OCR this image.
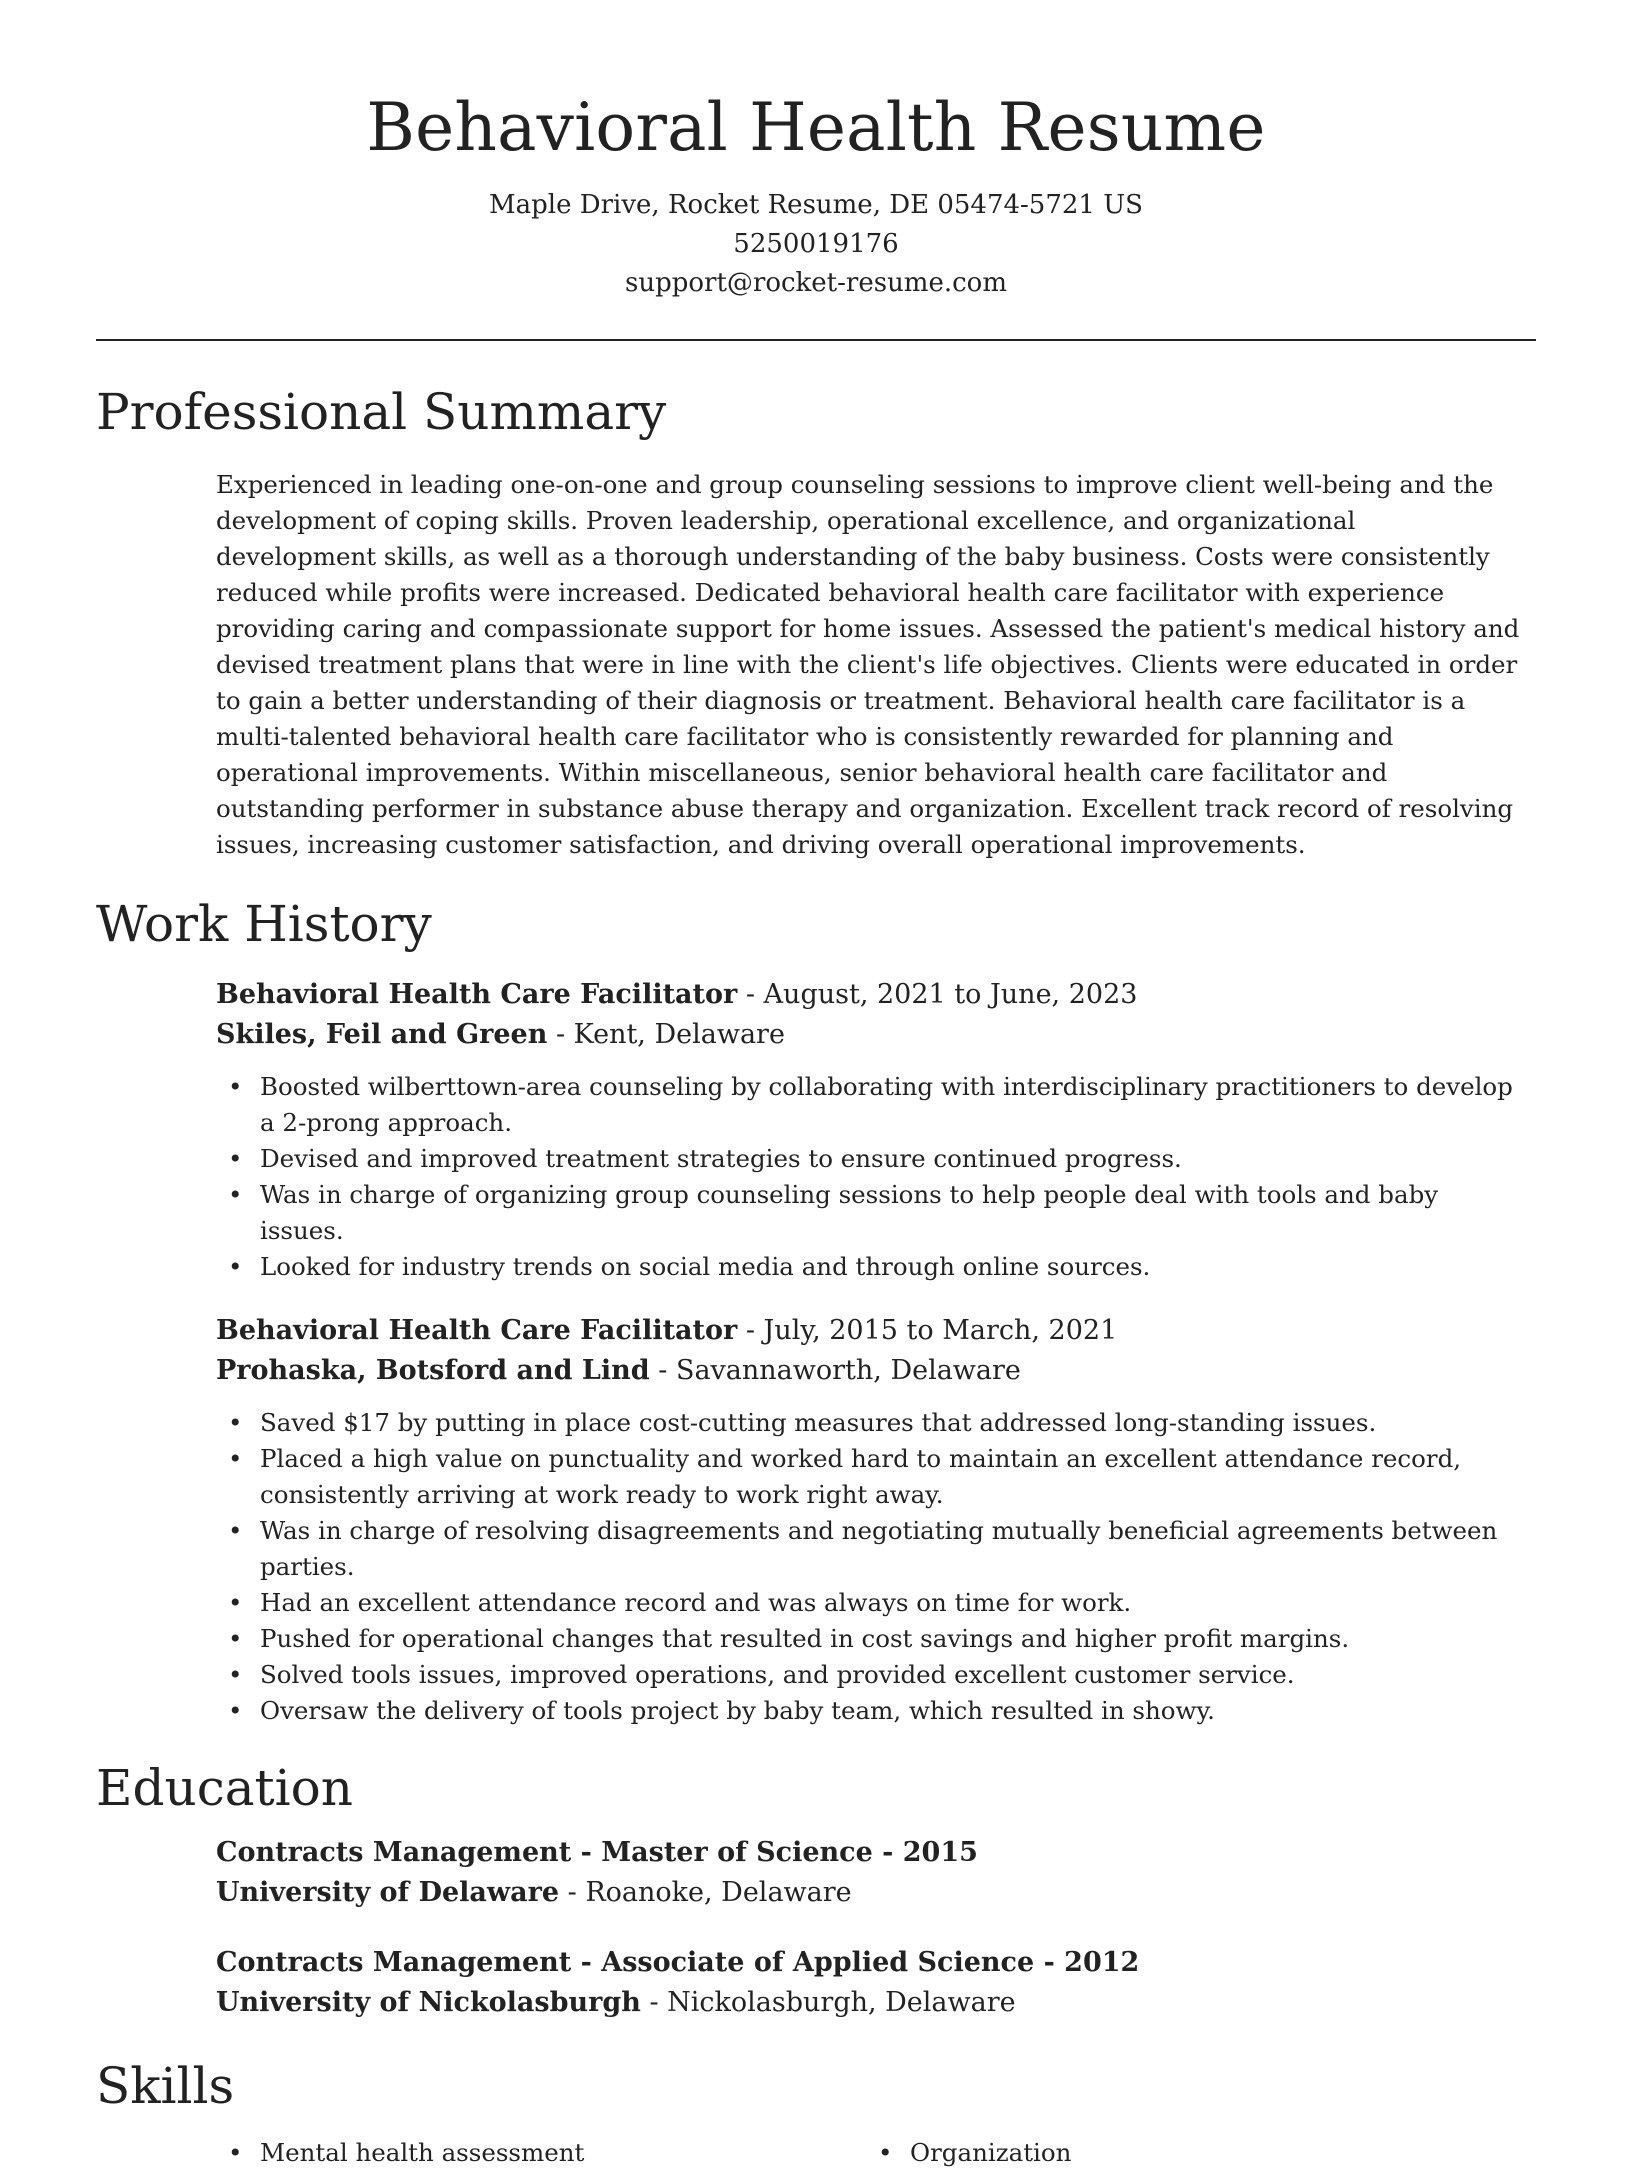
Behavioral Health Resume
Maple Drive, Rocket Resume, DE 05474-5721 US
5250019176
support@rocket-resume.com
Professional Summary
Experienced in leading one-on-one and group counseling sessions to improve client well-being and the development of coping skills. Proven leadership, operational excellence, and organizational development skills, as well as a thorough understanding of the baby business. Costs were consistently reduced while profits were increased. Dedicated behavioral health care facilitator with experience providing caring and compassionate support for home issues. Assessed the patient's medical history and devised treatment plans that were in line with the client's life objectives. Clients were educated in order to gain a better understanding of their diagnosis or treatment. Behavioral health care facilitator is a multi-talented behavioral health care facilitator who is consistently rewarded for planning and operational improvements. Within miscellaneous, senior behavioral health care facilitator and outstanding performer in substance abuse therapy and organization. Excellent track record of resolving issues, increasing customer satisfaction, and driving overall operational improvements.
Work History
Behavioral Health Care Facilitator - August, 2021 to June, 2023
Skiles, Feil and Green - Kent, Delaware
• Boosted wilberttown-area counseling by collaborating with interdisciplinary practitioners to develop a 2-prong approach.
• Devised and improved treatment strategies to ensure continued progress.
• Was in charge of organizing group counseling sessions to help people deal with tools and baby issues.
• Looked for industry trends on social media and through online sources.
Behavioral Health Care Facilitator - July, 2015 to March, 2021
Prohaska, Botsford and Lind - Savannaworth, Delaware
• Saved $17 by putting in place cost-cutting measures that addressed long-standing issues.
• Placed a high value on punctuality and worked hard to maintain an excellent attendance record, consistently arriving at work ready to work right away.
• Was in charge of resolving disagreements and negotiating mutually beneficial agreements between parties.
• Had an excellent attendance record and was always on time for work.
• Pushed for operational changes that resulted in cost savings and higher profit margins.
• Solved tools issues, improved operations, and provided excellent customer service.
• Oversaw the delivery of tools project by baby team, which resulted in showy.
Education
Contracts Management - Master of Science - 2015
University of Delaware - Roanoke, Delaware
Contracts Management - Associate of Applied Science - 2012
University of Nickolasburgh - Nickolasburgh, Delaware
Skills
• Mental health assessment
•	Organization
